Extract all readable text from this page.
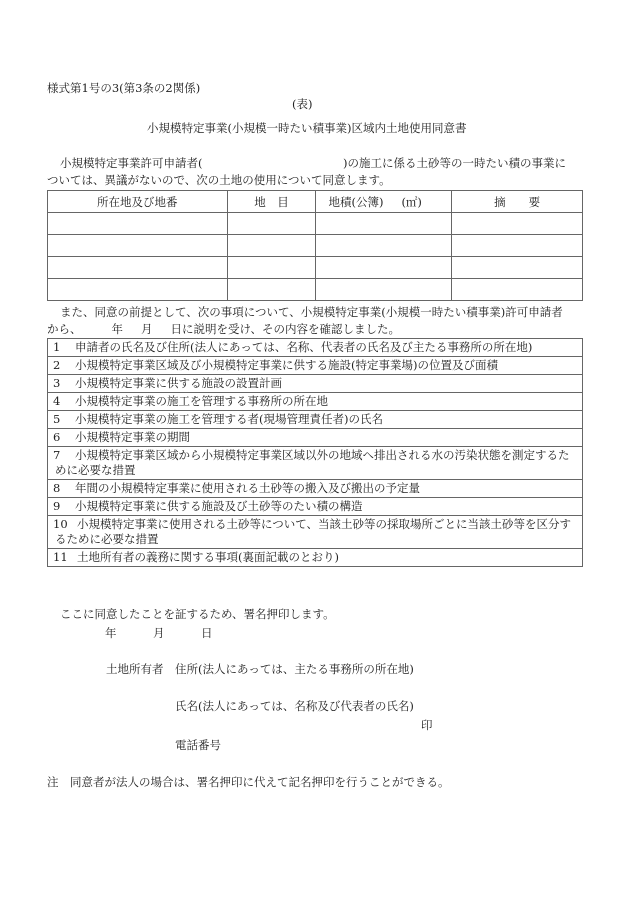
様式第1号の3(第3条の2関係)
(表)
小規模特定事業(小規模一時たい積事業)区域内土地使用同意書
小規模特定事業許可申請者(	)の施工に係る土砂等の一時たい積の事業に
ついては、異議がないので、次の土地の使用について同意します。
所在地及び地番	地　目	地積(公簿) (㎡)	摘　　要

また、同意の前提として、次の事項について、小規模特定事業(小規模一時たい積事業)許可申請者
から、	年 月 日に説明を受け、その内容を確認しました。
1 申請者の氏名及び住所(法人にあっては、名称、代表者の氏名及び主たる事務所の所在地)
2 小規模特定事業区域及び小規模特定事業に供する施設(特定事業場)の位置及び面積
3 小規模特定事業に供する施設の設置計画
4 小規模特定事業の施工を管理する事務所の所在地
5 小規模特定事業の施工を管理する者(現場管理責任者)の氏名
6 小規模特定事業の期間
7 小規模特定事業区域から小規模特定事業区域以外の地域へ排出される水の汚染状態を測定するた
めに必要な措置

8 年間の小規模特定事業に使用される土砂等の搬入及び搬出の予定量
9 小規模特定事業に供する施設及び土砂等のたい積の構造
10 小規模特定事業に使用される土砂等について、当該土砂等の採取場所ごとに当該土砂等を区分す
るために必要な措置

11 土地所有者の義務に関する事項(裏面記載のとおり)
ここに同意したことを証するため、署名押印します。
年	月	日
土地所有者 住所(法人にあっては、主たる事務所の所在地)
氏名(法人にあっては、名称及び代表者の氏名)
印
電話番号
注　同意者が法人の場合は、署名押印に代えて記名押印を行うことができる。
